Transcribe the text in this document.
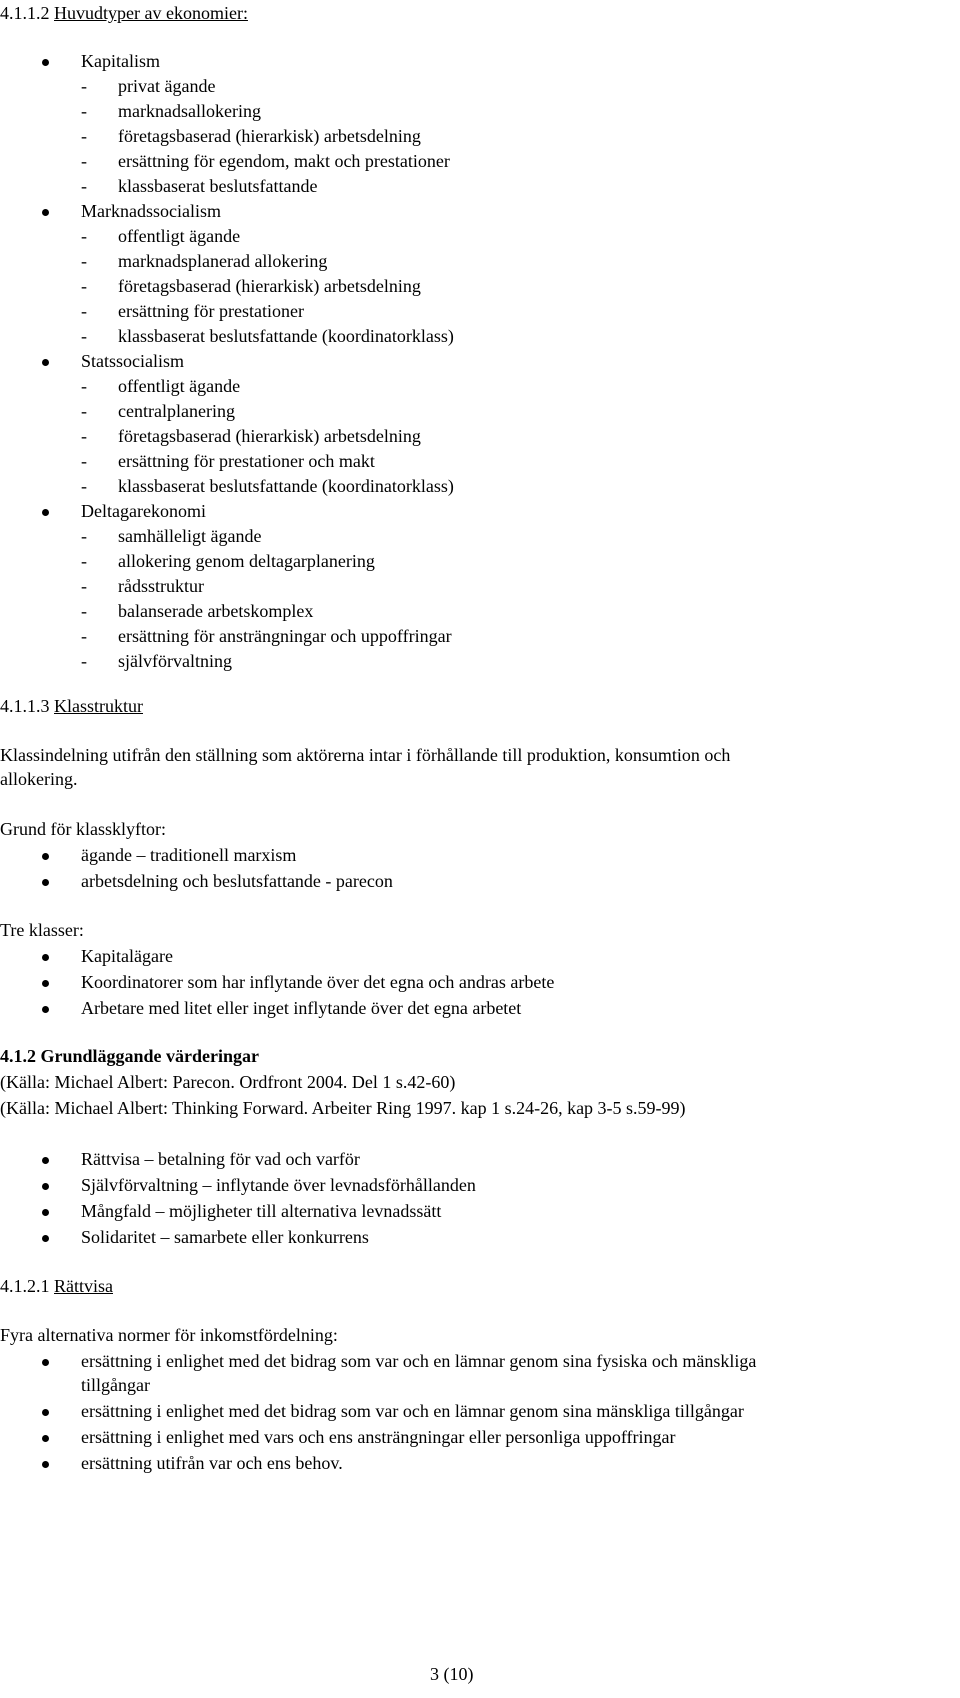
4.1.1.2 Huvudtyper av ekonomier:
Kapitalism
- privat ägande
- marknadsallokering
- företagsbaserad (hierarkisk) arbetsdelning
- ersättning för egendom, makt och prestationer
- klassbaserat beslutsfattande
Marknadssocialism
- offentligt ägande
- marknadsplanerad allokering
- företagsbaserad (hierarkisk) arbetsdelning
- ersättning för prestationer
- klassbaserat beslutsfattande (koordinatorklass)
Statssocialism
- offentligt ägande
- centralplanering
- företagsbaserad (hierarkisk) arbetsdelning
- ersättning för prestationer och makt
- klassbaserat beslutsfattande (koordinatorklass)
Deltagarekonomi
- samhälleligt ägande
- allokering genom deltagarplanering
- rådsstruktur
- balanserade arbetskomplex
- ersättning för ansträngningar och uppoffringar
- självförvaltning
4.1.1.3 Klasstruktur
Klassindelning utifrån den ställning som aktörerna intar i förhållande till produktion, konsumtion och
allokering.
Grund för klassklyftor:
ägande – traditionell marxism
arbetsdelning och beslutsfattande - parecon
Tre klasser:
Kapitalägare
Koordinatorer som har inflytande över det egna och andras arbete
Arbetare med litet eller inget inflytande över det egna arbetet
4.1.2 Grundläggande värderingar
(Källa: Michael Albert: Parecon. Ordfront 2004. Del 1 s.42-60)
(Källa: Michael Albert: Thinking Forward. Arbeiter Ring 1997. kap 1 s.24-26, kap 3-5 s.59-99)
Rättvisa – betalning för vad och varför
Självförvaltning – inflytande över levnadsförhållanden
Mångfald – möjligheter till alternativa levnadssätt
Solidaritet – samarbete eller konkurrens
4.1.2.1 Rättvisa
Fyra alternativa normer för inkomstfördelning:
ersättning i enlighet med det bidrag som var och en lämnar genom sina fysiska och mänskliga
tillgångar
ersättning i enlighet med det bidrag som var och en lämnar genom sina mänskliga tillgångar
ersättning i enlighet med vars och ens ansträngningar eller personliga uppoffringar
ersättning utifrån var och ens behov.
3 (10)
